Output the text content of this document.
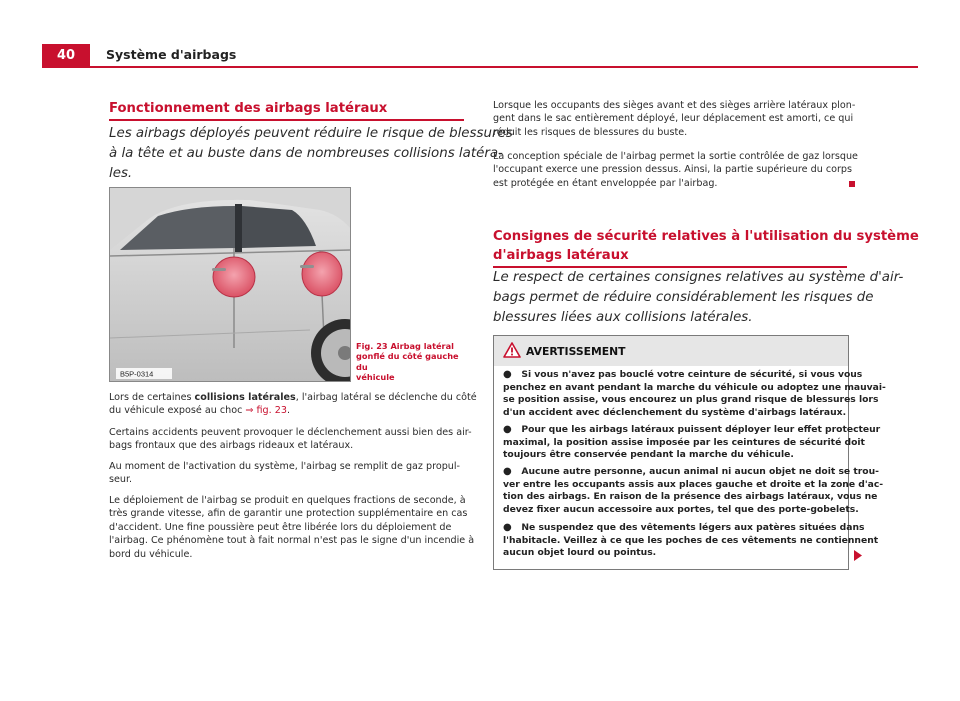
40	Système d'airbags
Fonctionnement des airbags latéraux
Les airbags déployés peuvent réduire le risque de blessures
à la tête et au buste dans de nombreuses collisions latéra-
les.
B5P-0314
Fig. 23 Airbag latéral
gonflé du côté gauche du
véhicule
Lors de certaines collisions latérales, l'airbag latéral se déclenche du côté
du véhicule exposé au choc ⇒ fig. 23.
Certains accidents peuvent provoquer le déclenchement aussi bien des air-
bags frontaux que des airbags rideaux et latéraux.
Au moment de l'activation du système, l'airbag se remplit de gaz propul-
seur.
Le déploiement de l'airbag se produit en quelques fractions de seconde, à
très grande vitesse, afin de garantir une protection supplémentaire en cas
d'accident. Une fine poussière peut être libérée lors du déploiement de
l'airbag. Ce phénomène tout à fait normal n'est pas le signe d'un incendie à
bord du véhicule.
Lorsque les occupants des sièges avant et des sièges arrière latéraux plon-
gent dans le sac entièrement déployé, leur déplacement est amorti, ce qui
réduit les risques de blessures du buste.
La conception spéciale de l'airbag permet la sortie contrôlée de gaz lorsque
l'occupant exerce une pression dessus. Ainsi, la partie supérieure du corps
est protégée en étant enveloppée par l'airbag.
Consignes de sécurité relatives à l'utilisation du système
d'airbags latéraux
Le respect de certaines consignes relatives au système d'air-
bags permet de réduire considérablement les risques de
blessures liées aux collisions latérales.
AVERTISSEMENT
● Si vous n'avez pas bouclé votre ceinture de sécurité, si vous vous
penchez en avant pendant la marche du véhicule ou adoptez une mauvai-
se position assise, vous encourez un plus grand risque de blessures lors
d'un accident avec déclenchement du système d'airbags latéraux.
● Pour que les airbags latéraux puissent déployer leur effet protecteur
maximal, la position assise imposée par les ceintures de sécurité doit
toujours être conservée pendant la marche du véhicule.
● Aucune autre personne, aucun animal ni aucun objet ne doit se trou-
ver entre les occupants assis aux places gauche et droite et la zone d'ac-
tion des airbags. En raison de la présence des airbags latéraux, vous ne
devez fixer aucun accessoire aux portes, tel que des porte-gobelets.
● Ne suspendez que des vêtements légers aux patères situées dans
l'habitacle. Veillez à ce que les poches de ces vêtements ne contiennent
aucun objet lourd ou pointus.
